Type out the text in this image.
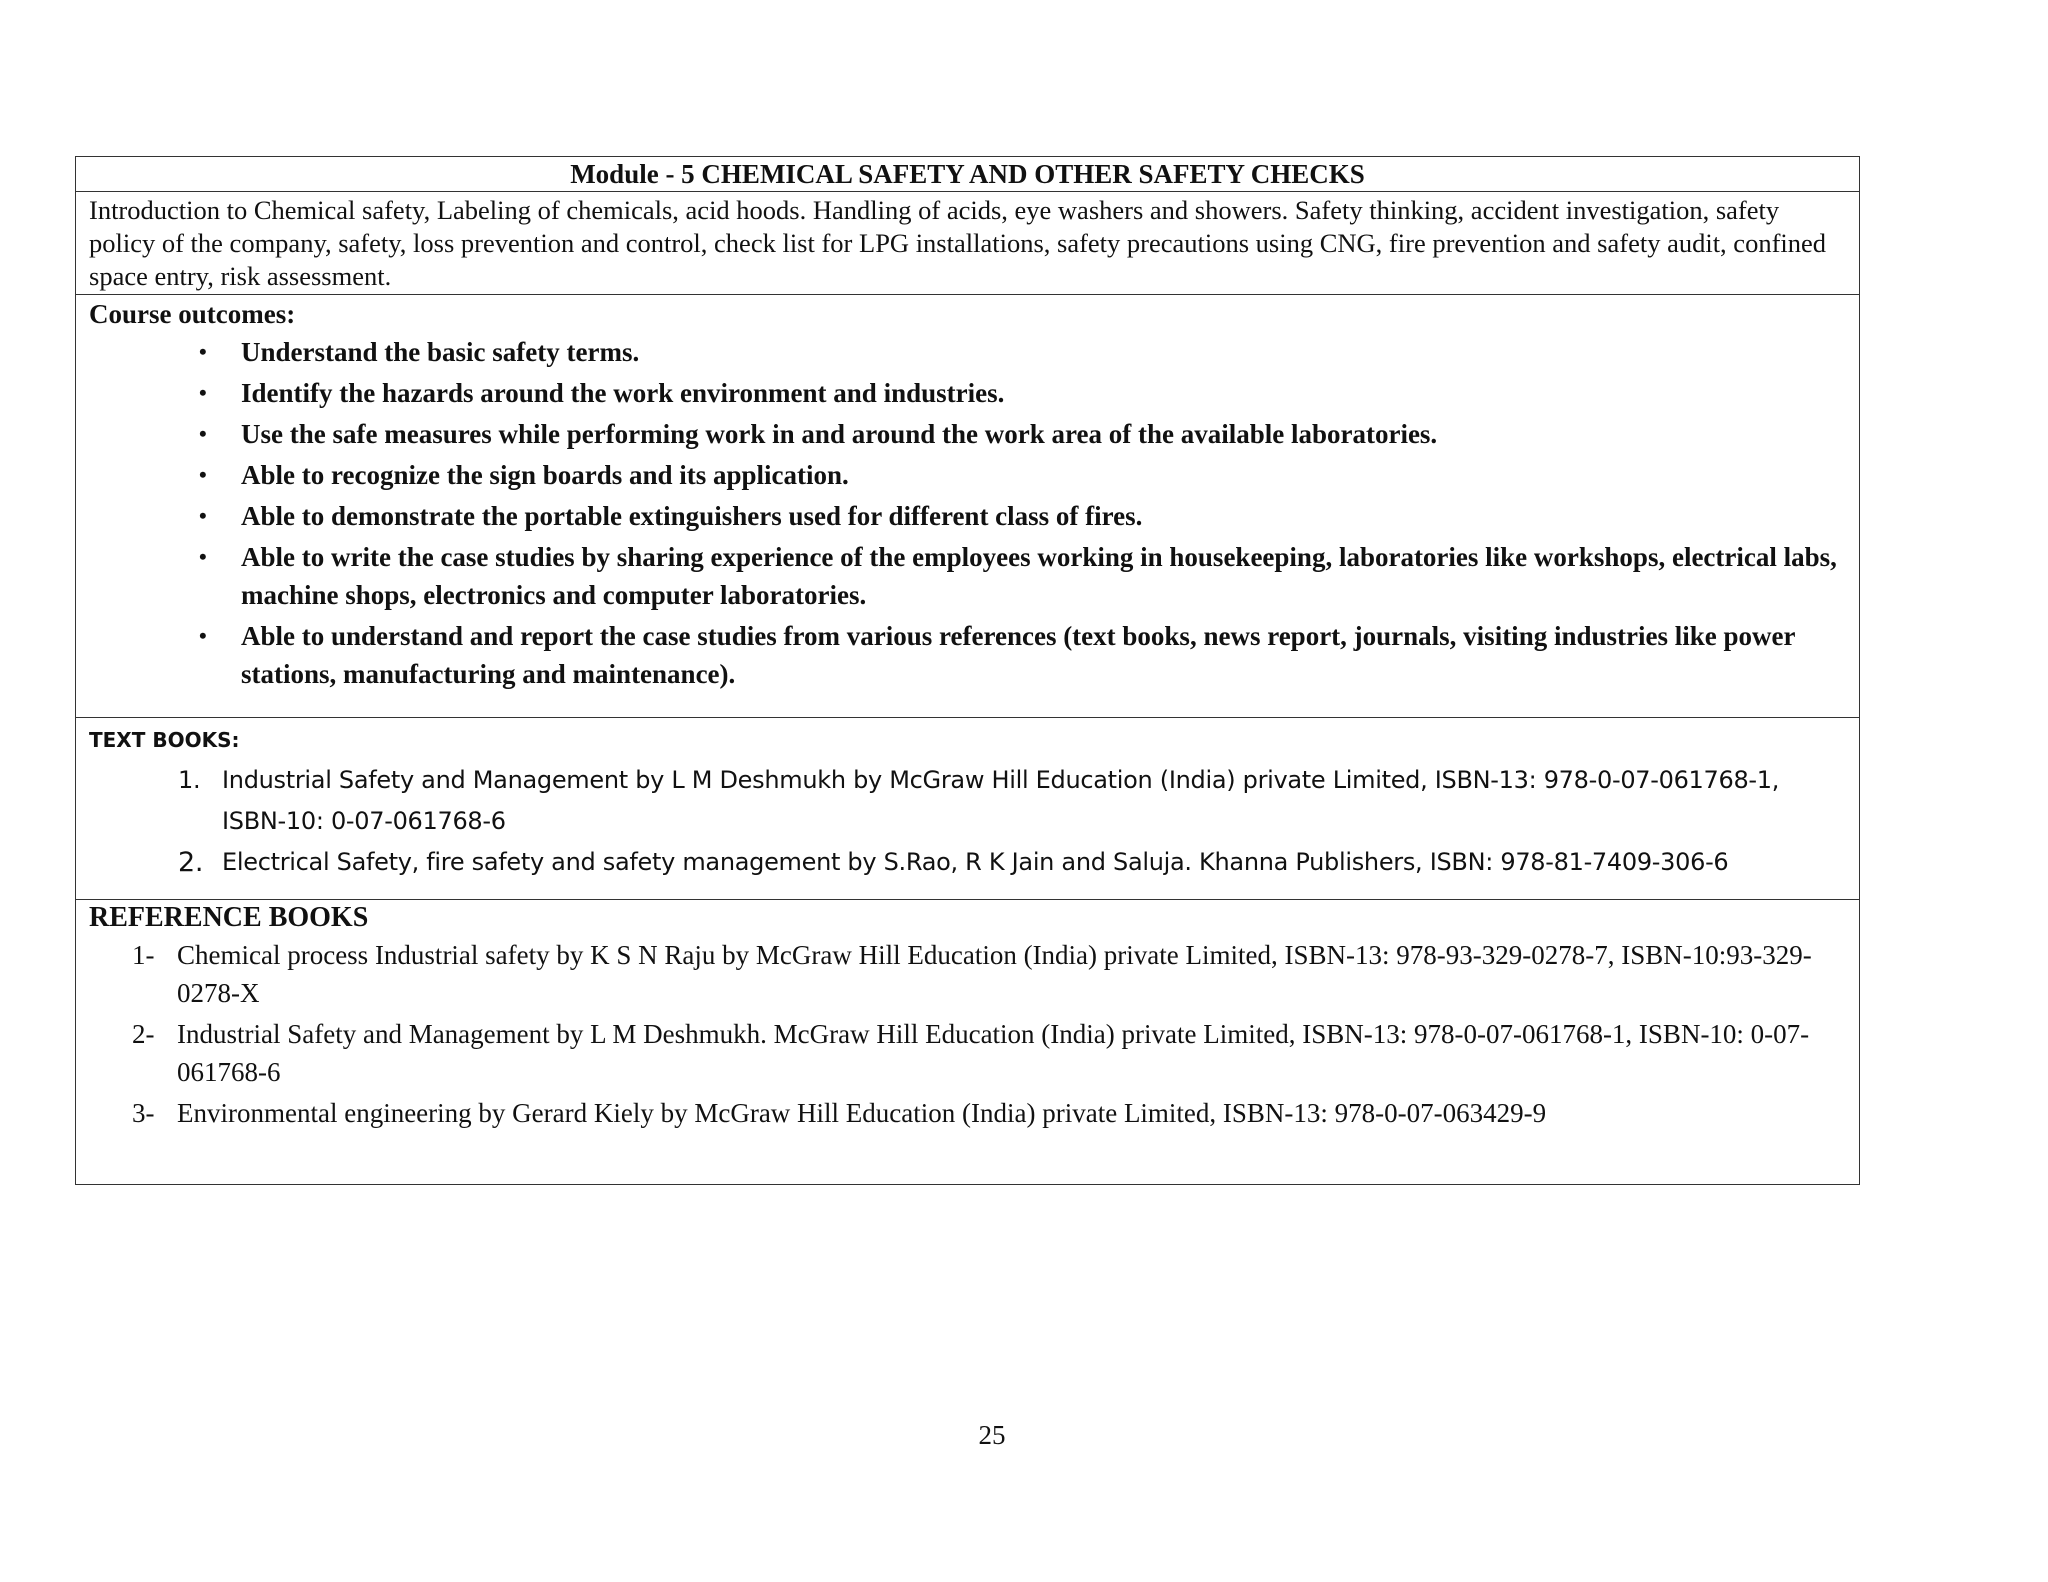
Module - 5 CHEMICAL SAFETY AND OTHER SAFETY CHECKS
Introduction to Chemical safety, Labeling of chemicals, acid hoods. Handling of acids, eye washers and showers. Safety thinking, accident investigation, safety policy of the company, safety, loss prevention and control, check list for LPG installations, safety precautions using CNG, fire prevention and safety audit, confined space entry, risk assessment.
Course outcomes:
• Understand the basic safety terms.
• Identify the hazards around the work environment and industries.
• Use the safe measures while performing work in and around the work area of the available laboratories.
• Able to recognize the sign boards and its application.
• Able to demonstrate the portable extinguishers used for different class of fires.
• Able to write the case studies by sharing experience of the employees working in housekeeping, laboratories like workshops, electrical labs, machine shops, electronics and computer laboratories.
• Able to understand and report the case studies from various references (text books, news report, journals, visiting industries like power stations, manufacturing and maintenance).
TEXT BOOKS:
1. Industrial Safety and Management by L M Deshmukh by McGraw Hill Education (India) private Limited, ISBN-13: 978-0-07-061768-1, ISBN-10: 0-07-061768-6
2. Electrical Safety, fire safety and safety management by S.Rao, R K Jain and Saluja. Khanna Publishers, ISBN: 978-81-7409-306-6
REFERENCE BOOKS
1- Chemical process Industrial safety by K S N Raju by McGraw Hill Education (India) private Limited, ISBN-13: 978-93-329-0278-7, ISBN-10:93-329-0278-X
2- Industrial Safety and Management by L M Deshmukh. McGraw Hill Education (India) private Limited, ISBN-13: 978-0-07-061768-1, ISBN-10: 0-07-061768-6
3- Environmental engineering by Gerard Kiely by McGraw Hill Education (India) private Limited, ISBN-13: 978-0-07-063429-9
25
